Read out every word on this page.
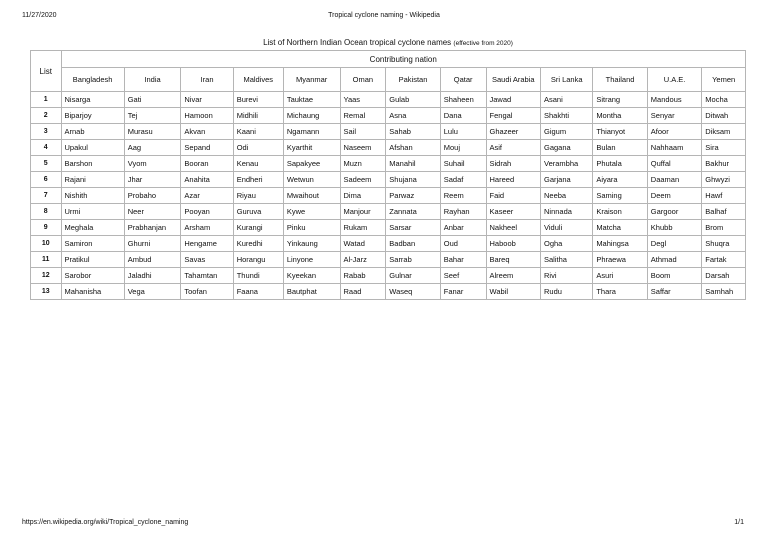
11/27/2020	Tropical cyclone naming - Wikipedia
List of Northern Indian Ocean tropical cyclone names (effective from 2020)
List	Contributing nation												
	Bangladesh	India	Iran	Maldives	Myanmar	Oman	Pakistan	Qatar	Saudi Arabia	Sri Lanka	Thailand	U.A.E.	Yemen
1	Nisarga	Gati	Nivar	Burevi	Tauktae	Yaas	Gulab	Shaheen	Jawad	Asani	Sitrang	Mandous	Mocha
2	Biparjoy	Tej	Hamoon	Midhili	Michaung	Remal	Asna	Dana	Fengal	Shakhti	Montha	Senyar	Ditwah
3	Arnab	Murasu	Akvan	Kaani	Ngamann	Sail	Sahab	Lulu	Ghazeer	Gigum	Thianyot	Afoor	Diksam
4	Upakul	Aag	Sepand	Odi	Kyarthit	Naseem	Afshan	Mouj	Asif	Gagana	Bulan	Nahhaam	Sira
5	Barshon	Vyom	Booran	Kenau	Sapakyee	Muzn	Manahil	Suhail	Sidrah	Verambha	Phutala	Quffal	Bakhur
6	Rajani	Jhar	Anahita	Endheri	Wetwun	Sadeem	Shujana	Sadaf	Hareed	Garjana	Aiyara	Daaman	Ghwyzi
7	Nishith	Probaho	Azar	Riyau	Mwaihout	Dima	Parwaz	Reem	Faid	Neeba	Saming	Deem	Hawf
8	Urmi	Neer	Pooyan	Guruva	Kywe	Manjour	Zannata	Rayhan	Kaseer	Ninnada	Kraison	Gargoor	Balhaf
9	Meghala	Prabhanjan	Arsham	Kurangi	Pinku	Rukam	Sarsar	Anbar	Nakheel	Viduli	Matcha	Khubb	Brom
10	Samiron	Ghurni	Hengame	Kuredhi	Yinkaung	Watad	Badban	Oud	Haboob	Ogha	Mahingsa	Degl	Shuqra
11	Pratikul	Ambud	Savas	Horangu	Linyone	Al-Jarz	Sarrab	Bahar	Bareq	Salitha	Phraewa	Athmad	Fartak
12	Sarobor	Jaladhi	Tahamtan	Thundi	Kyeekan	Rabab	Gulnar	Seef	Alreem	Rivi	Asuri	Boom	Darsah
13	Mahanisha	Vega	Toofan	Faana	Bautphat	Raad	Waseq	Fanar	Wabil	Rudu	Thara	Saffar	Samhah
https://en.wikipedia.org/wiki/Tropical_cyclone_naming	1/1
